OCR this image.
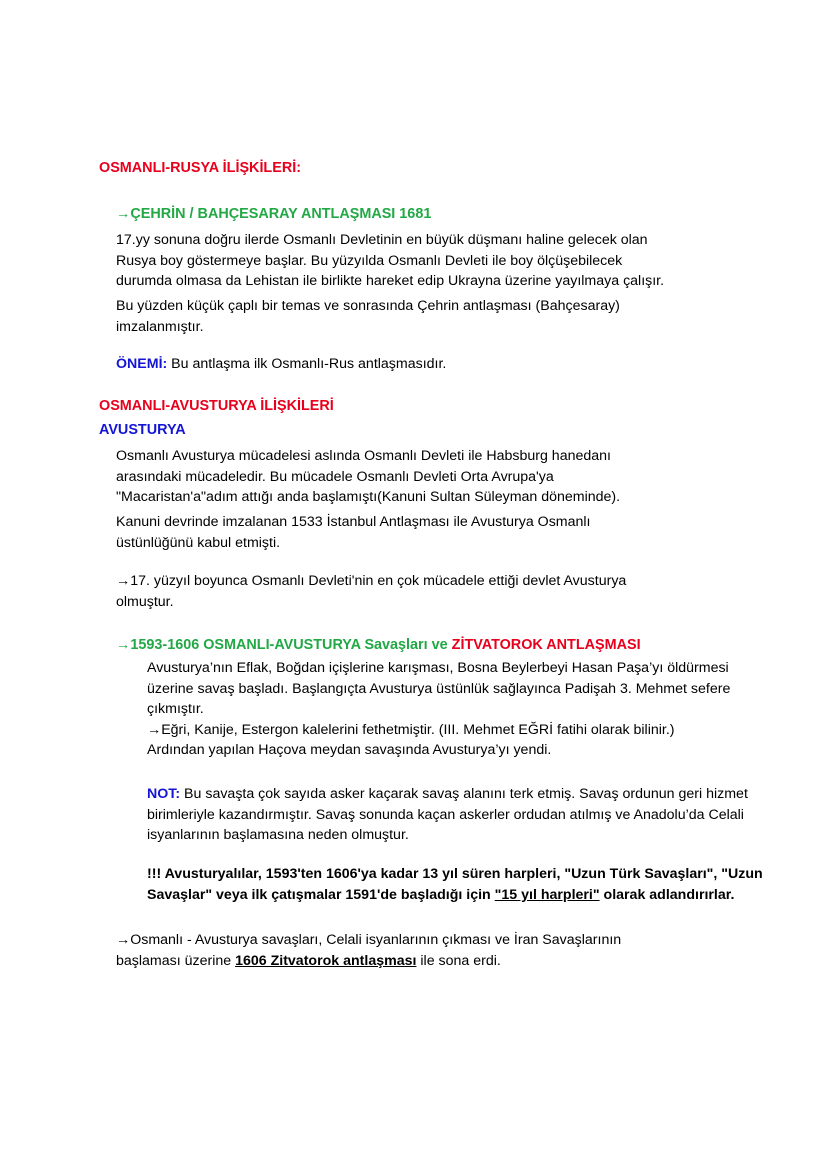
OSMANLI-RUSYA İLİŞKİLERİ:
→ÇEHRİN / BAHÇESARAY ANTLAŞMASI 1681
17.yy sonuna doğru ilerde Osmanlı Devletinin en büyük düşmanı haline gelecek olan
Rusya boy göstermeye başlar. Bu yüzyılda Osmanlı Devleti ile boy ölçüşebilecek
durumda olmasa da Lehistan ile birlikte hareket edip Ukrayna üzerine yayılmaya çalışır.
Bu yüzden küçük çaplı bir temas ve sonrasında Çehrin antlaşması (Bahçesaray)
imzalanmıştır.
ÖNEMİ: Bu antlaşma ilk Osmanlı-Rus antlaşmasıdır.
OSMANLI-AVUSTURYA İLİŞKİLERİ
AVUSTURYA
Osmanlı Avusturya mücadelesi aslında Osmanlı Devleti ile Habsburg hanedanı
arasındaki mücadeledir. Bu mücadele Osmanlı Devleti Orta Avrupa'ya
"Macaristan'a"adım attığı anda başlamıştı(Kanuni Sultan Süleyman döneminde).
Kanuni devrinde imzalanan 1533 İstanbul Antlaşması ile Avusturya Osmanlı
üstünlüğünü kabul etmişti.
→17. yüzyıl boyunca Osmanlı Devleti'nin en çok mücadele ettiği devlet Avusturya
olmuştur.
→1593-1606 OSMANLI-AVUSTURYA Savaşları ve ZİTVATOROK ANTLAŞMASI
Avusturya’nın Eflak, Boğdan içişlerine karışması, Bosna Beylerbeyi Hasan Paşa’yı öldürmesi
üzerine savaş başladı. Başlangıçta Avusturya üstünlük sağlayınca Padişah 3. Mehmet sefere
çıkmıştır.
→Eğri, Kanije, Estergon kalelerini fethetmiştir. (III. Mehmet EĞRİ fatihi olarak bilinir.)
Ardından yapılan Haçova meydan savaşında Avusturya’yı yendi.
NOT: Bu savaşta çok sayıda asker kaçarak savaş alanını terk etmiş. Savaş ordunun geri hizmet
birimleriyle kazandırmıştır. Savaş sonunda kaçan askerler ordudan atılmış ve Anadolu’da Celali
isyanlarının başlamasına neden olmuştur.
!!! Avusturyalılar, 1593'ten 1606'ya kadar 13 yıl süren harpleri, "Uzun Türk Savaşları", "Uzun
Savaşlar" veya ilk çatışmalar 1591'de başladığı için "15 yıl harpleri" olarak adlandırırlar.
→Osmanlı - Avusturya savaşları, Celali isyanlarının çıkması ve İran Savaşlarının
başlaması üzerine 1606 Zitvatorok antlaşması ile sona erdi.
